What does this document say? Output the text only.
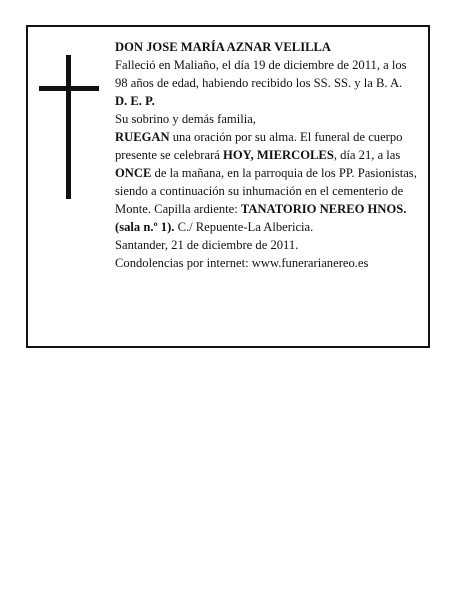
DON JOSE MARÍA AZNAR VELILLA

Falleció en Maliaño, el día 19 de diciembre de 2011, a los 98 años de edad, habiendo recibido los SS. SS. y la B. A.

D. E. P.

Su sobrino y demás familia,

RUEGAN una oración por su alma. El funeral de cuerpo presente se celebrará HOY, MIERCOLES, día 21, a las ONCE de la mañana, en la parroquia de los PP. Pasionistas, siendo a continuación su inhumación en el cementerio de Monte. Capilla ardiente: TANATORIO NEREO HNOS. (sala n.º 1). C./ Repuente-La Albericia.

Santander, 21 de diciembre de 2011.

Condolencias por internet: www.funerarianereo.es
